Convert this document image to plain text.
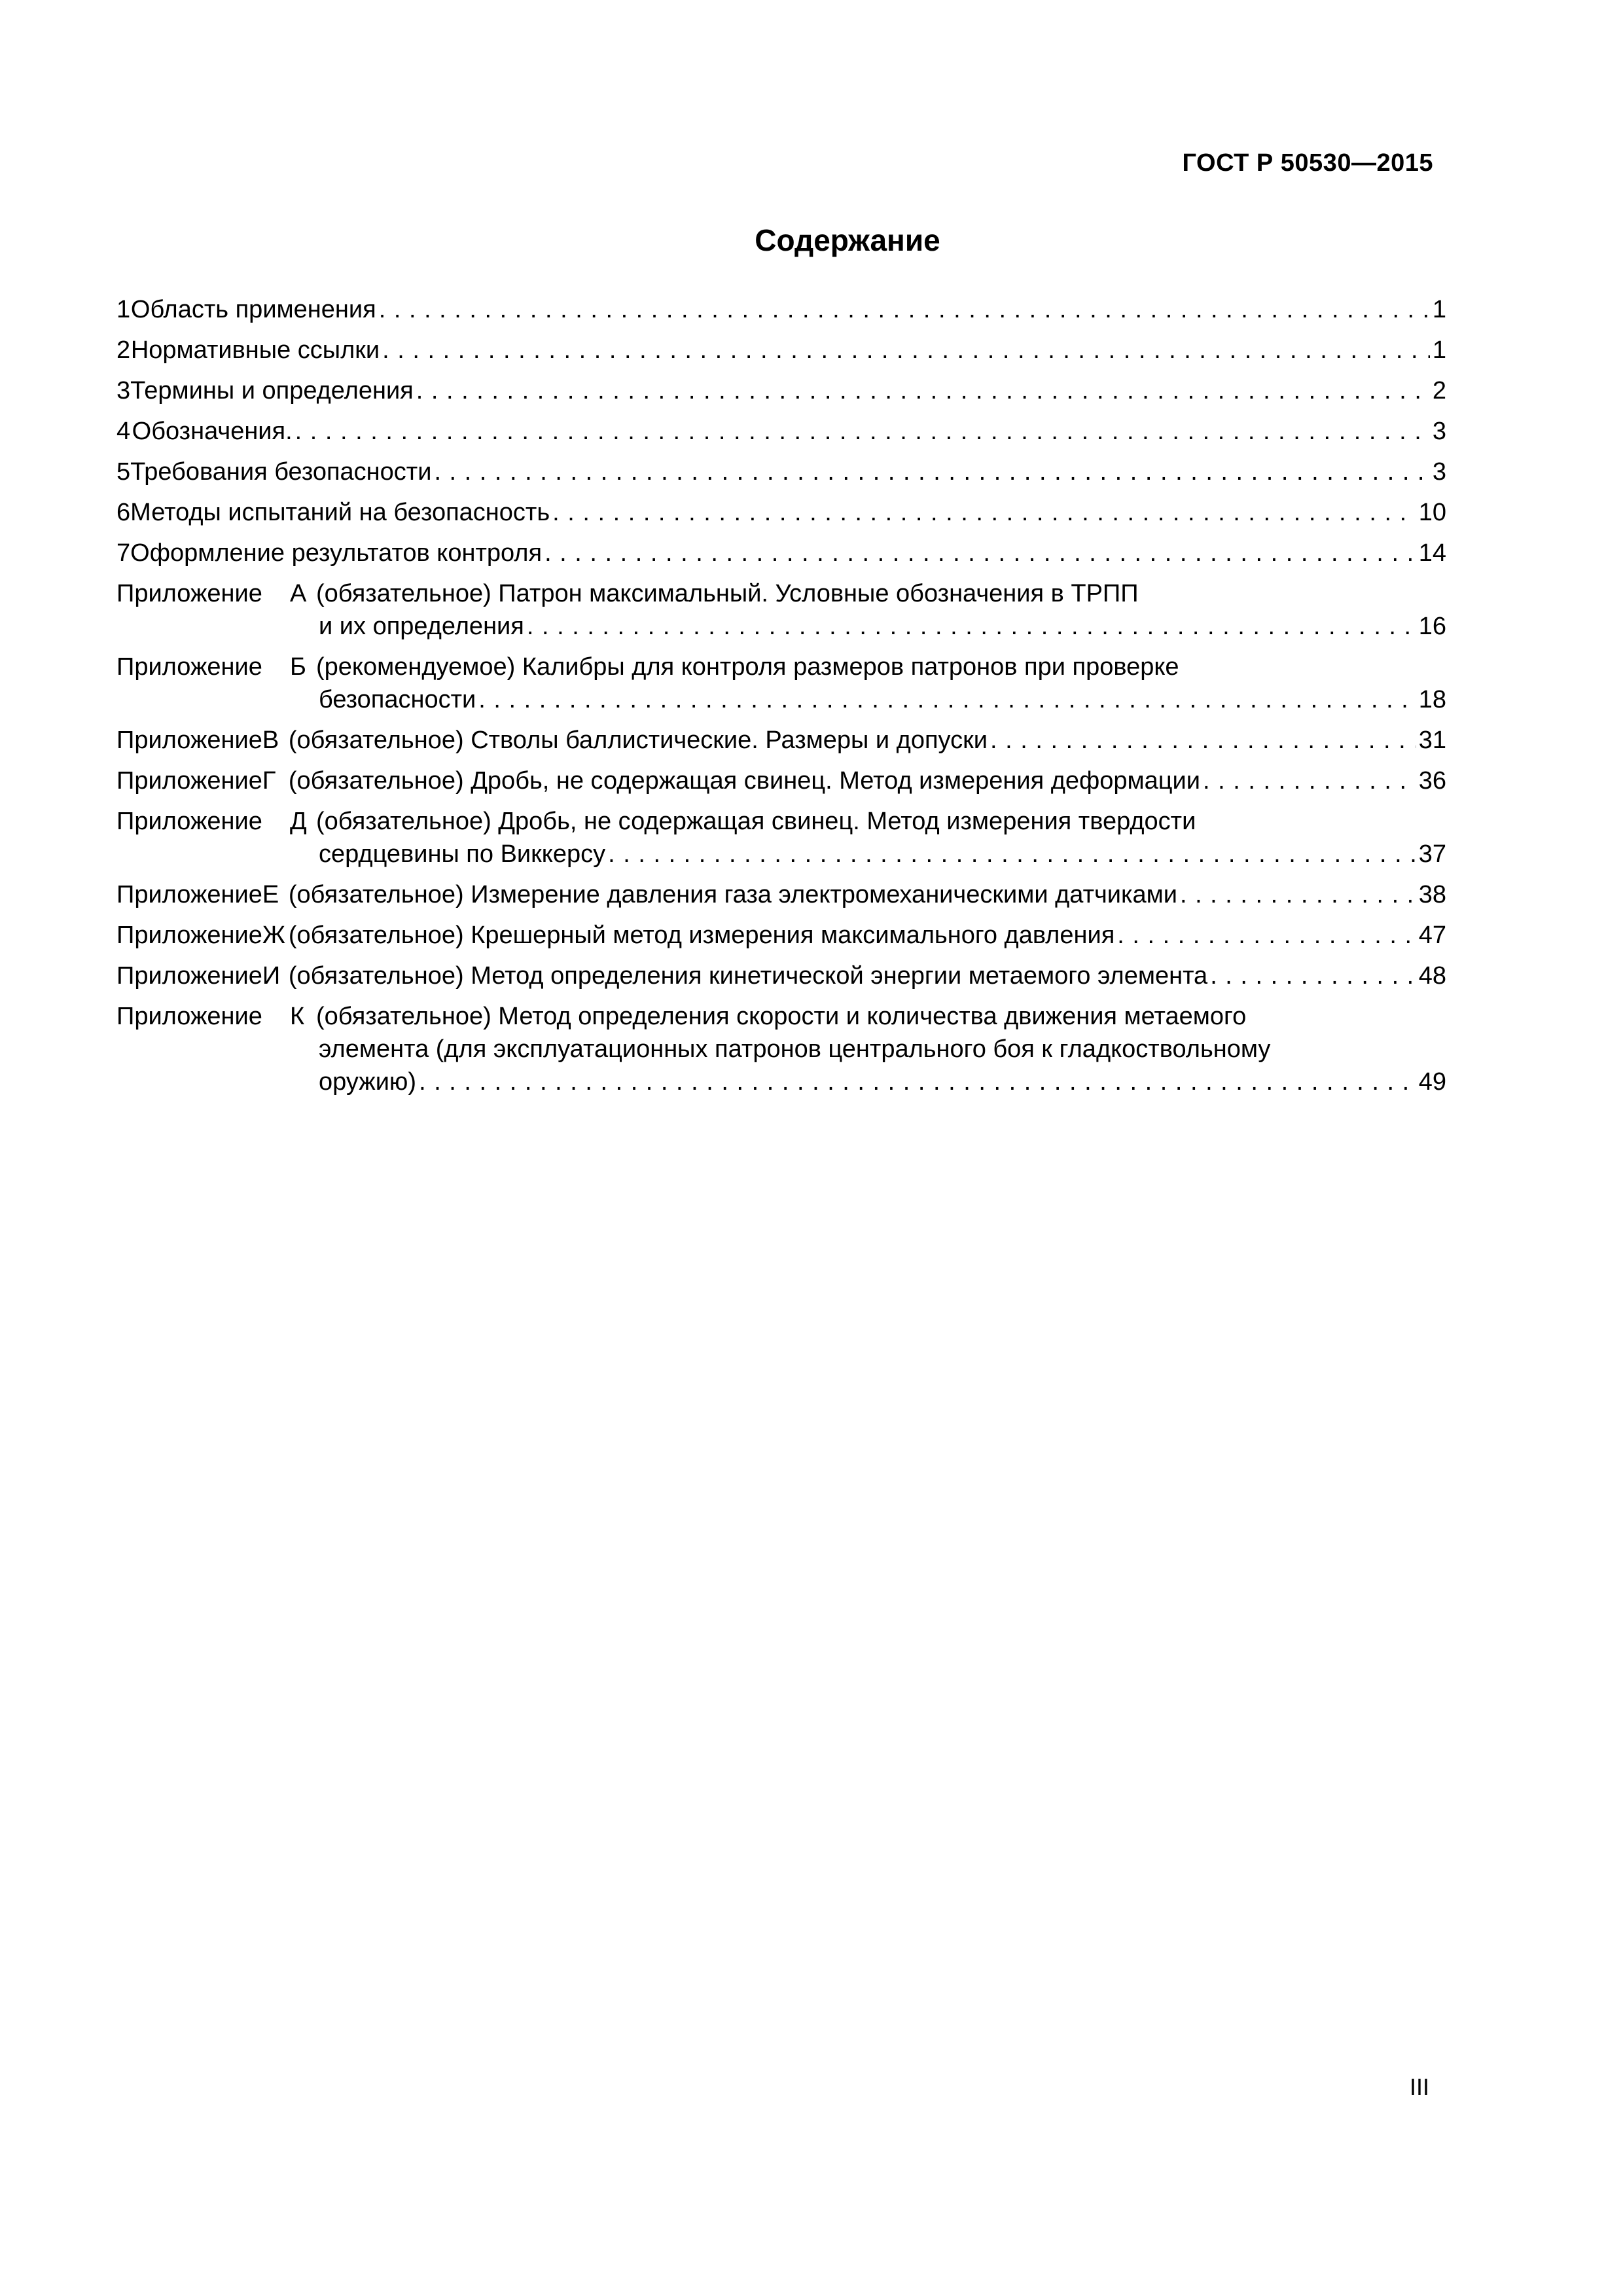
ГОСТ Р 50530—2015
Содержание
1 Область применения . . .	1
2 Нормативные ссылки . . .	1
3 Термины и определения . . .	2
4 Обозначения. . . .	3
5 Требования безопасности . . .	3
6 Методы испытаний на безопасность . . .	10
7 Оформление результатов контроля . . .	14
Приложение	А (обязательное) Патрон максимальный. Условные обозначения в ТРПП
и их определения . . .	16
Приложение	Б (рекомендуемое) Калибры для контроля размеров патронов при проверке
безопасности . . .	18
Приложение В (обязательное) Стволы баллистические. Размеры и допуски . . .	31
Приложение Г (обязательное) Дробь, не содержащая свинец. Метод измерения деформации . . .	36
Приложение	Д (обязательное) Дробь, не содержащая свинец. Метод измерения твердости
сердцевины по Виккерсу . . .	37
Приложение Е (обязательное) Измерение давления газа электромеханическими датчиками . . .	38
Приложение Ж (обязательное) Крешерный метод измерения максимального давления . . .	47
Приложение И (обязательное) Метод определения кинетической энергии метаемого элемента . . .	48
Приложение	К (обязательное) Метод определения скорости и количества движения метаемого
элемента (для эксплуатационных патронов центрального боя к гладкоствольному
оружию) . . .	49
III
